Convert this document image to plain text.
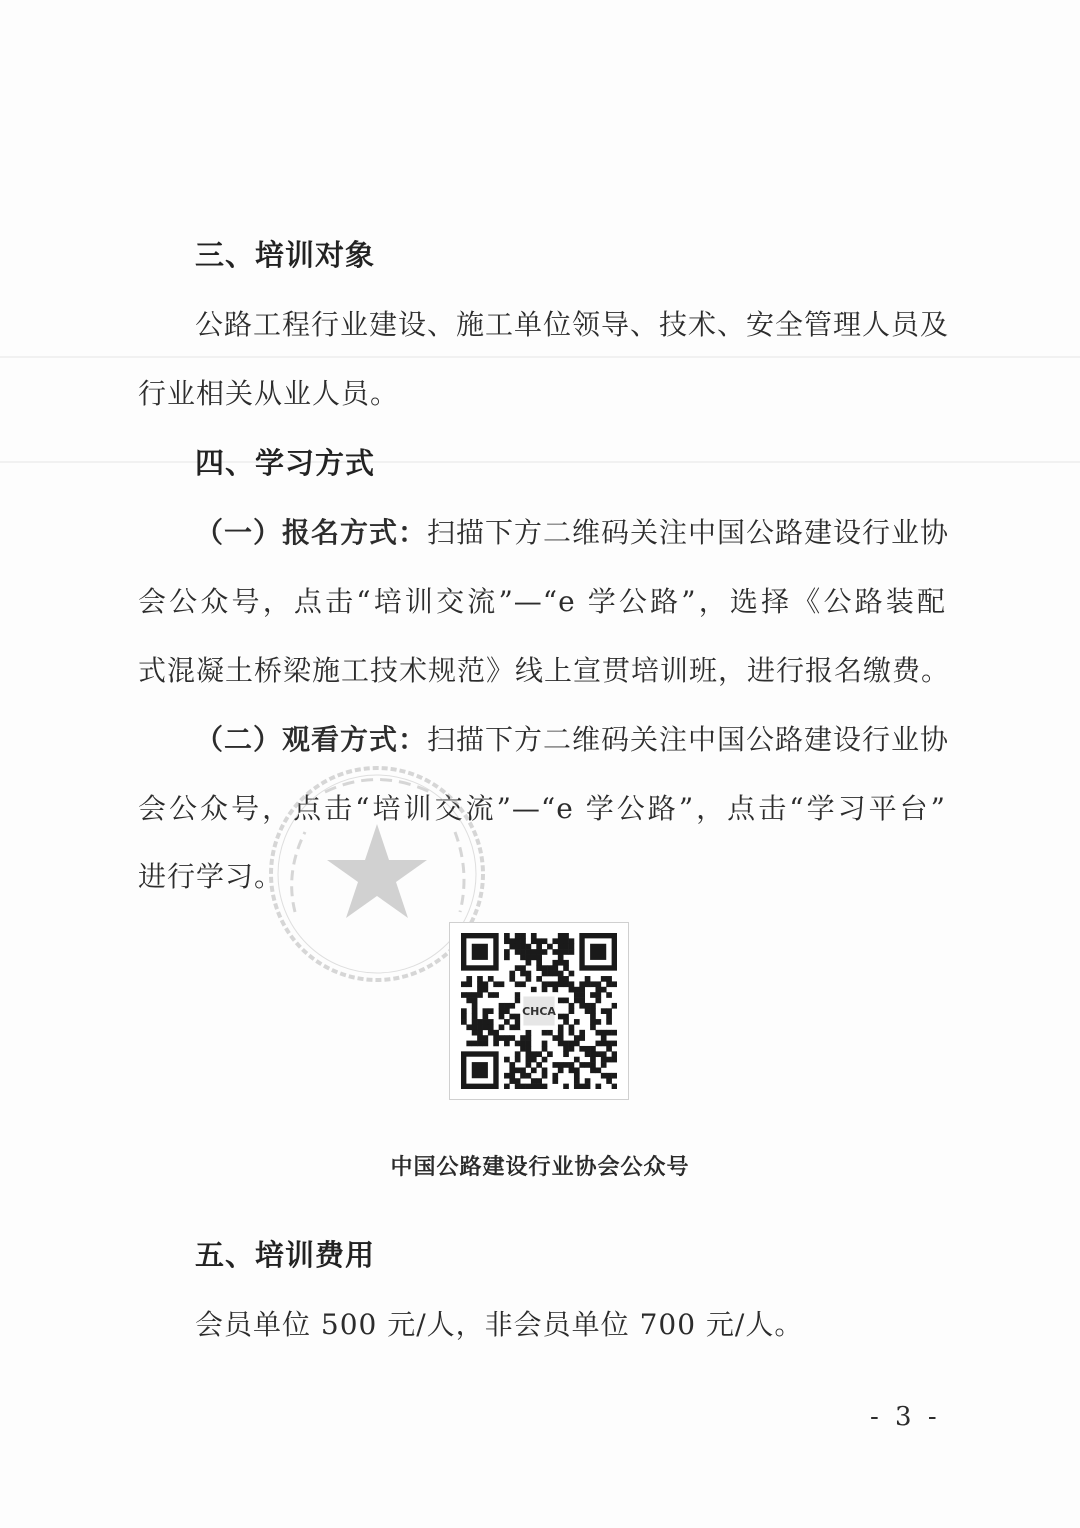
三、培训对象
公路工程行业建设、施工单位领导、技术、安全管理人员及
行业相关从业人员。
四、学习方式
（一）报名方式：扫描下方二维码关注中国公路建设行业协
会公众号，点击“培训交流”—“e 学公路”，选择《公路装配
式混凝土桥梁施工技术规范》线上宣贯培训班，进行报名缴费。
（二）观看方式：扫描下方二维码关注中国公路建设行业协
会公众号，点击“培训交流”—“e 学公路”，点击“学习平台”
进行学习。
CHCA
中国公路建设行业协会公众号
五、培训费用
会员单位 500 元/人，非会员单位 700 元/人。
- 3 -
